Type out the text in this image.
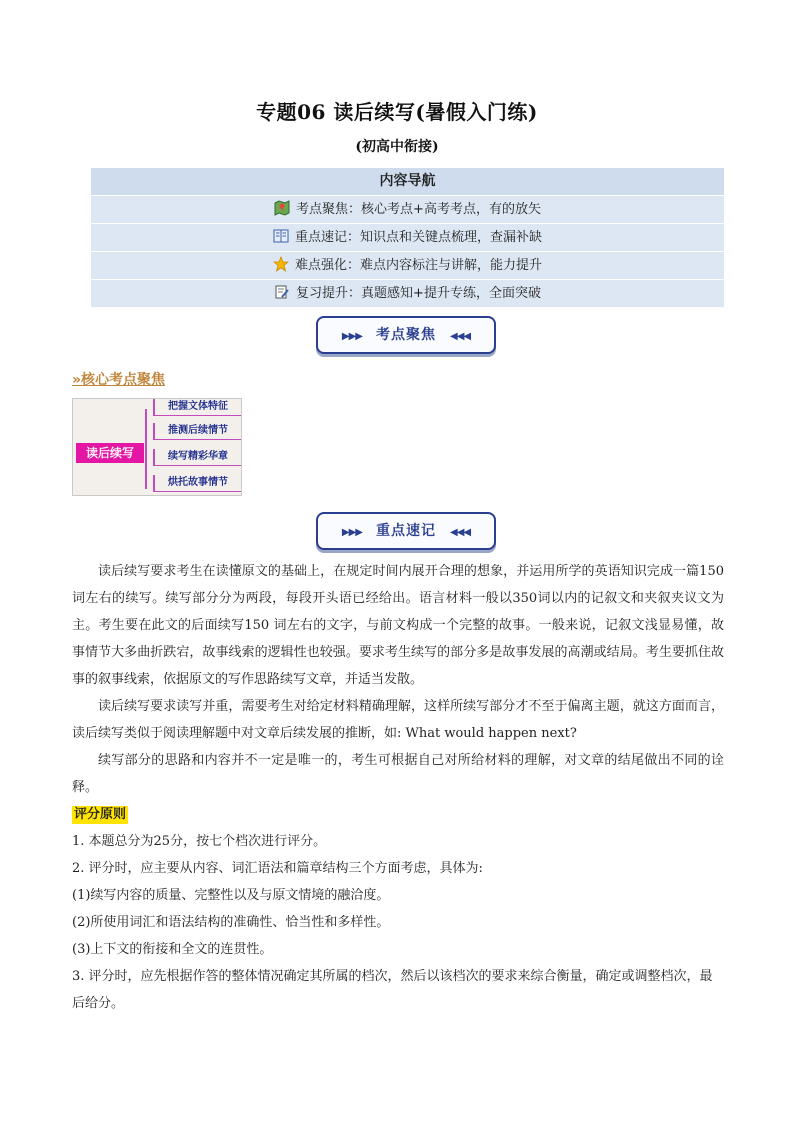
专题06 读后续写(暑假入门练)
(初高中衔接)
内容导航
考点聚焦：核心考点+高考考点，有的放矢
重点速记：知识点和关键点梳理，查漏补缺
难点强化：难点内容标注与讲解，能力提升
复习提升：真题感知+提升专练，全面突破
▶▶▶ 考点聚焦 ◀◀◀
»核心考点聚焦
读后续写
把握文体特征
推测后续情节
续写精彩华章
烘托故事情节
▶▶▶ 重点速记 ◀◀◀

读后续写要求考生在读懂原文的基础上，在规定时间内展开合理的想象，并运用所学的英语知识完成一篇150词左右的续写。续写部分分为两段，每段开头语已经给出。语言材料一般以350词以内的记叙文和夹叙夹议文为主。考生要在此文的后面续写150 词左右的文字，与前文构成一个完整的故事。一般来说，记叙文浅显易懂，故事情节大多曲折跌宕，故事线索的逻辑性也较强。要求考生续写的部分多是故事发展的高潮或结局。考生要抓住故事的叙事线索，依据原文的写作思路续写文章，并适当发散。

读后续写要求读写并重，需要考生对给定材料精确理解，这样所续写部分才不至于偏离主题，就这方面而言，读后续写类似于阅读理解题中对文章后续发展的推断，如: What would happen next?

续写部分的思路和内容并不一定是唯一的，考生可根据自己对所给材料的理解，对文章的结尾做出不同的诠释。

评分原则

1. 本题总分为25分，按七个档次进行评分。

2. 评分时，应主要从内容、词汇语法和篇章结构三个方面考虑，具体为:

(1)续写内容的质量、完整性以及与原文情境的融洽度。

(2)所使用词汇和语法结构的准确性、恰当性和多样性。

(3)上下文的衔接和全文的连贯性。

3. 评分时，应先根据作答的整体情况确定其所属的档次，然后以该档次的要求来综合衡量，确定或调整档次，最后给分。
